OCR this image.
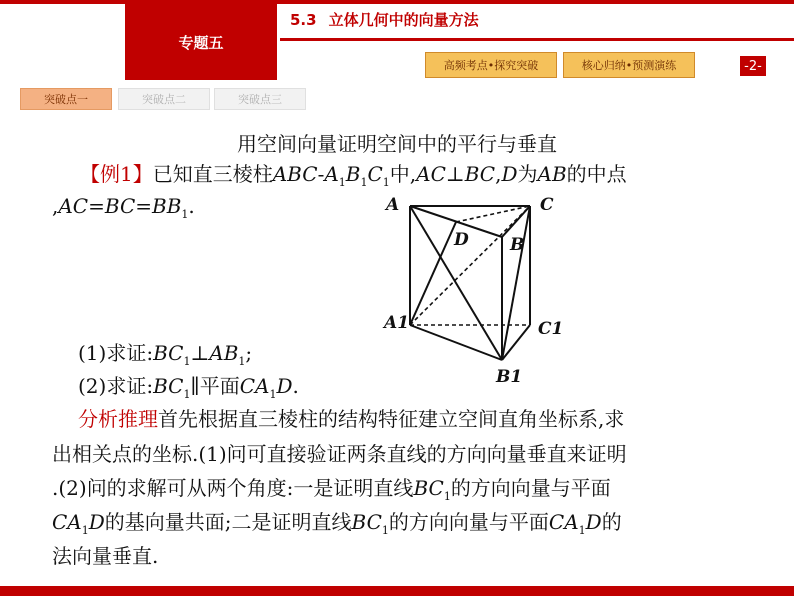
专题五
5.3 立体几何中的向量方法
高频考点•探究突破	核心归纳•预测演练	-2-
突破点一	突破点二	突破点三
用空间向量证明空间中的平行与垂直
【例1】已知直三棱柱ABC-$A_1B_1C_1$中,AC⊥BC,D为AB的中点
$,AC=BC=BB_1$.	A	C
D B
A1	C1
B1
(1)求证$:BC_1\perp AB_1$;
(2)求证$:BC_1\parallel$平面$CA_1D$.
分析推理首先根据直三棱柱的结构特征建立空间直角坐标系,求
出相关点的坐标.(1)问可直接验证两条直线的方向向量垂直来证明
.(2)问的求解可从两个角度:一是证明直线$BC_1$的方向向量与平面
$CA_1D$的基向量共面;二是证明直线$BC_1$的方向向量与平面$CA_1D$的
法向量垂直.
